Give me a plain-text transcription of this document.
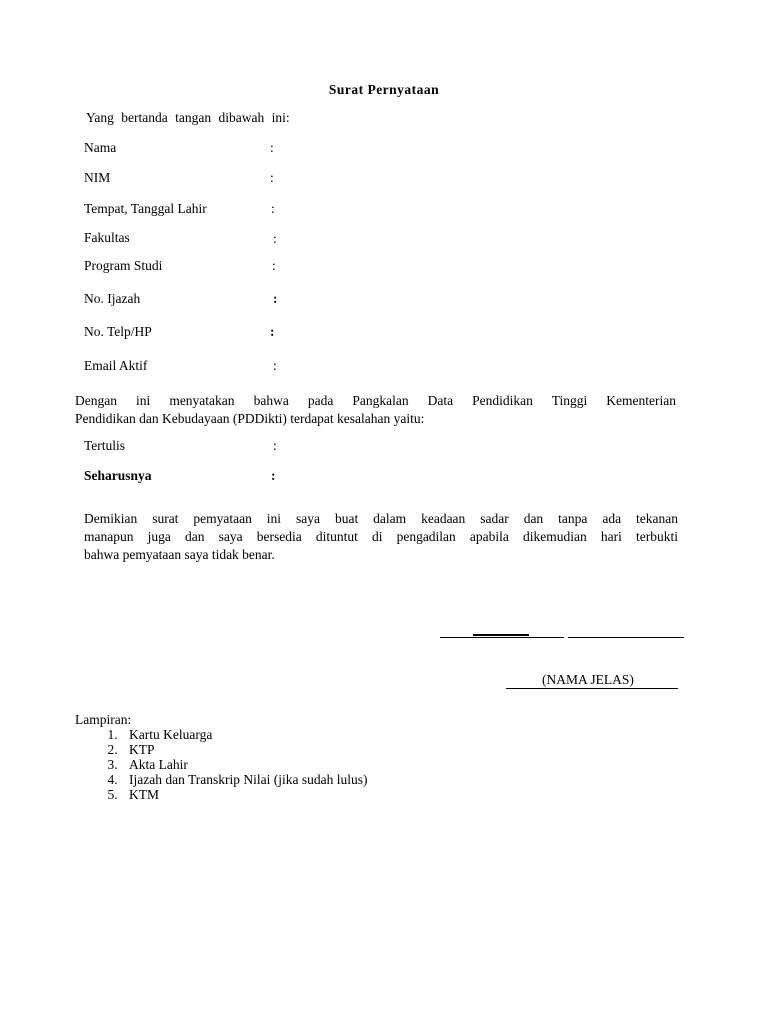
Surat Pernyataan
Yang bertanda tangan dibawah ini:
Nama	:
NIM	:
Tempat, Tanggal Lahir	:
Fakultas	:
Program Studi	:
No. Ijazah	:
No. Telp/HP	:
Email Aktif	:
Dengan ini menyatakan bahwa pada Pangkalan Data Pendidikan Tinggi Kementerian
Pendidikan dan Kebudayaan (PDDikti) terdapat kesalahan yaitu:
Tertulis	:
Seharusnya	:
Demikian surat pemyataan ini saya buat dalam keadaan sadar dan tanpa ada tekanan
manapun juga dan saya bersedia dituntut di pengadilan apabila dikemudian hari terbukti
bahwa pemyataan saya tidak benar.
(NAMA JELAS)
Lampiran:
1. Kartu Keluarga
2. KTP
3. Akta Lahir
4. Ijazah dan Transkrip Nilai (jika sudah lulus)
5. KTM
